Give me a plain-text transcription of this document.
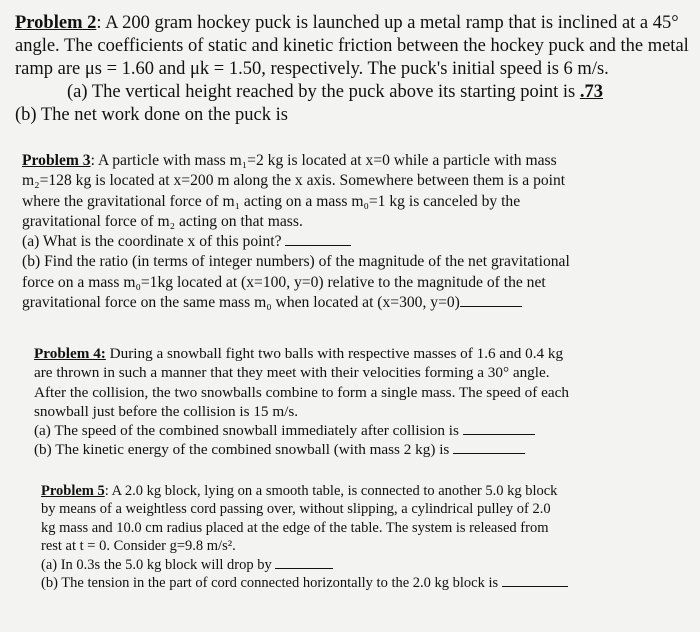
Problem 2: A 200 gram hockey puck is launched up a metal ramp that is inclined at a 45°
angle. The coefficients of static and kinetic friction between the hockey puck and the metal
ramp are μs = 1.60 and μk = 1.50, respectively. The puck's initial speed is 6 m/s.
(a) The vertical height reached by the puck above its starting point is .73
(b) The net work done on the puck is
Problem 3: A particle with mass m₁=2 kg is located at x=0 while a particle with mass
m₂=128 kg is located at x=200 m along the x axis. Somewhere between them is a point
where the gravitational force of m₁ acting on a mass m₀=1 kg is canceled by the
gravitational force of m₂ acting on that mass.
(a) What is the coordinate x of this point?
(b) Find the ratio (in terms of integer numbers) of the magnitude of the net gravitational
force on a mass m₀=1kg located at (x=100, y=0) relative to the magnitude of the net
gravitational force on the same mass m₀ when located at (x=300, y=0)
Problem 4: During a snowball fight two balls with respective masses of 1.6 and 0.4 kg
are thrown in such a manner that they meet with their velocities forming a 30° angle.
After the collision, the two snowballs combine to form a single mass. The speed of each
snowball just before the collision is 15 m/s.
(a) The speed of the combined snowball immediately after collision is
(b) The kinetic energy of the combined snowball (with mass 2 kg) is
Problem 5: A 2.0 kg block, lying on a smooth table, is connected to another 5.0 kg block
by means of a weightless cord passing over, without slipping, a cylindrical pulley of 2.0
kg mass and 10.0 cm radius placed at the edge of the table. The system is released from
rest at t = 0. Consider g=9.8 m/s².
(a) In 0.3s the 5.0 kg block will drop by
(b) The tension in the part of cord connected horizontally to the 2.0 kg block is
